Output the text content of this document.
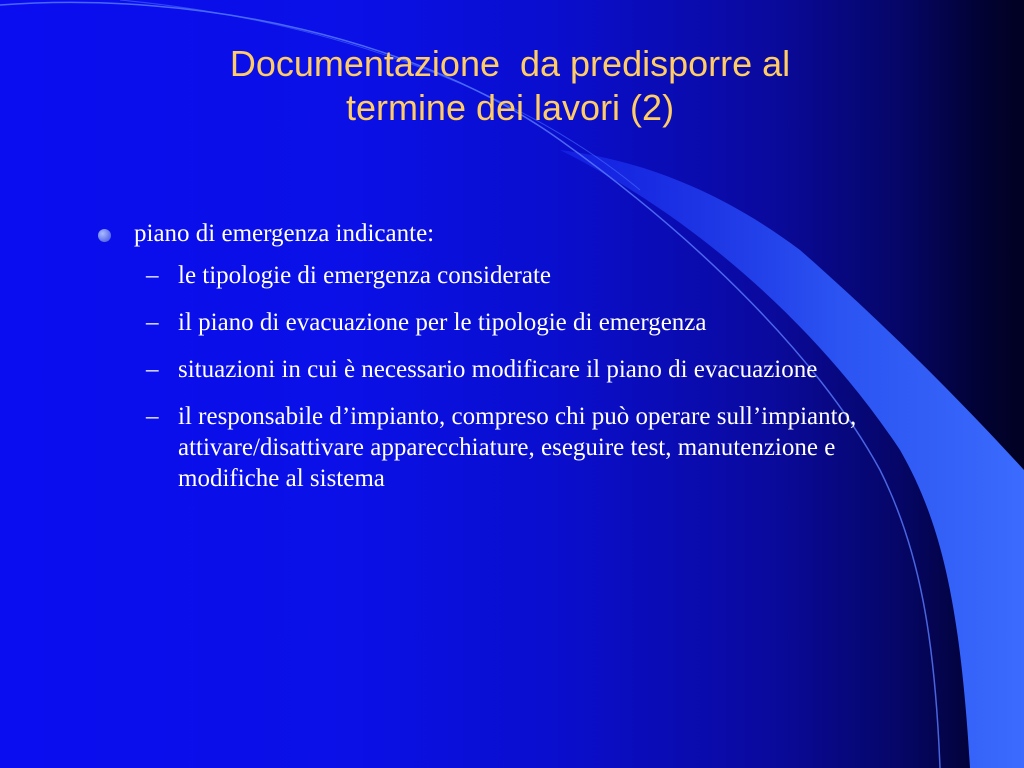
Documentazione  da predisporre al
termine dei lavori (2)
piano di emergenza indicante:
– le tipologie di emergenza considerate
– il piano di evacuazione per le tipologie di emergenza
– situazioni in cui è necessario modificare il piano di evacuazione
– il responsabile d’impianto, compreso chi può operare sull’impianto, attivare/disattivare apparecchiature, eseguire test, manutenzione e modifiche al sistema
